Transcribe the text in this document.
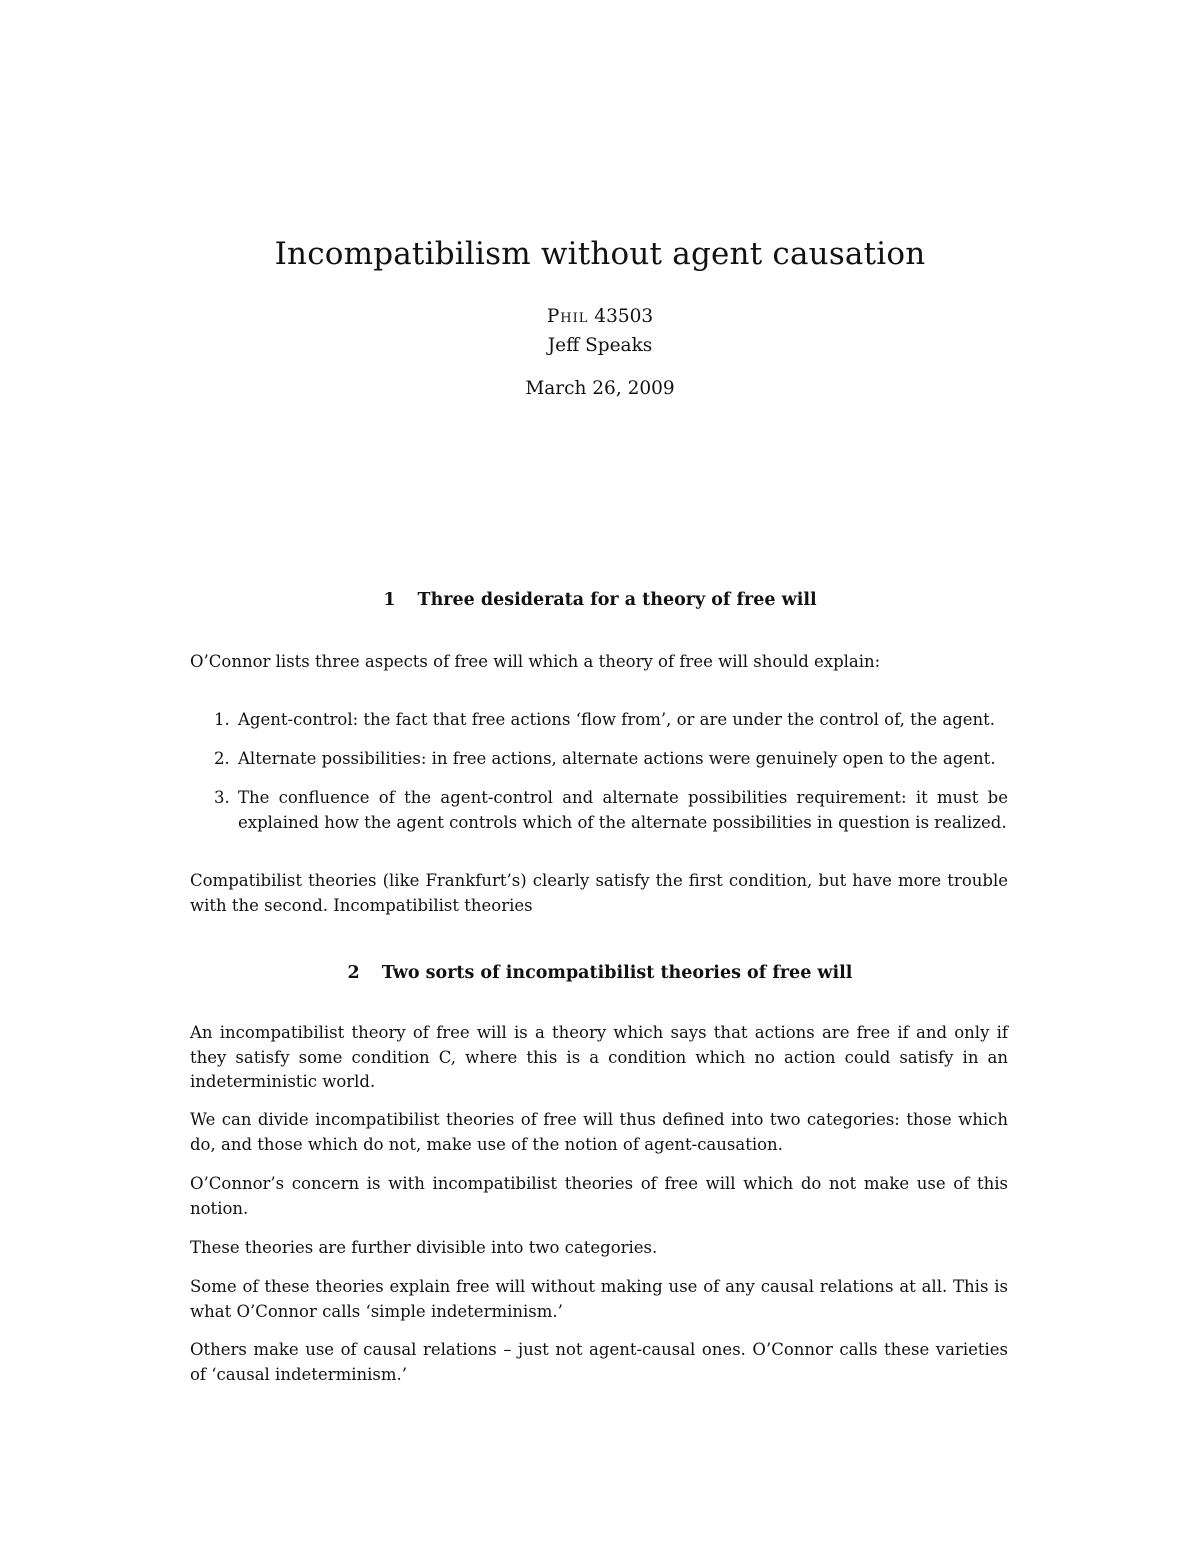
Incompatibilism without agent causation
Phil 43503
Jeff Speaks
March 26, 2009
1 Three desiderata for a theory of free will
O’Connor lists three aspects of free will which a theory of free will should explain:
1. Agent-control: the fact that free actions ‘flow from’, or are under the control of, the agent.
2. Alternate possibilities: in free actions, alternate actions were genuinely open to the agent.
3. The confluence of the agent-control and alternate possibilities requirement: it must be explained how the agent controls which of the alternate possibilities in question is realized.
Compatibilist theories (like Frankfurt’s) clearly satisfy the first condition, but have more trouble with the second. Incompatibilist theories
2 Two sorts of incompatibilist theories of free will
An incompatibilist theory of free will is a theory which says that actions are free if and only if they satisfy some condition C, where this is a condition which no action could satisfy in an indeterministic world.
We can divide incompatibilist theories of free will thus defined into two categories: those which do, and those which do not, make use of the notion of agent-causation.
O’Connor’s concern is with incompatibilist theories of free will which do not make use of this notion.
These theories are further divisible into two categories.
Some of these theories explain free will without making use of any causal relations at all. This is what O’Connor calls ‘simple indeterminism.’
Others make use of causal relations – just not agent-causal ones. O’Connor calls these varieties of ‘causal indeterminism.’
